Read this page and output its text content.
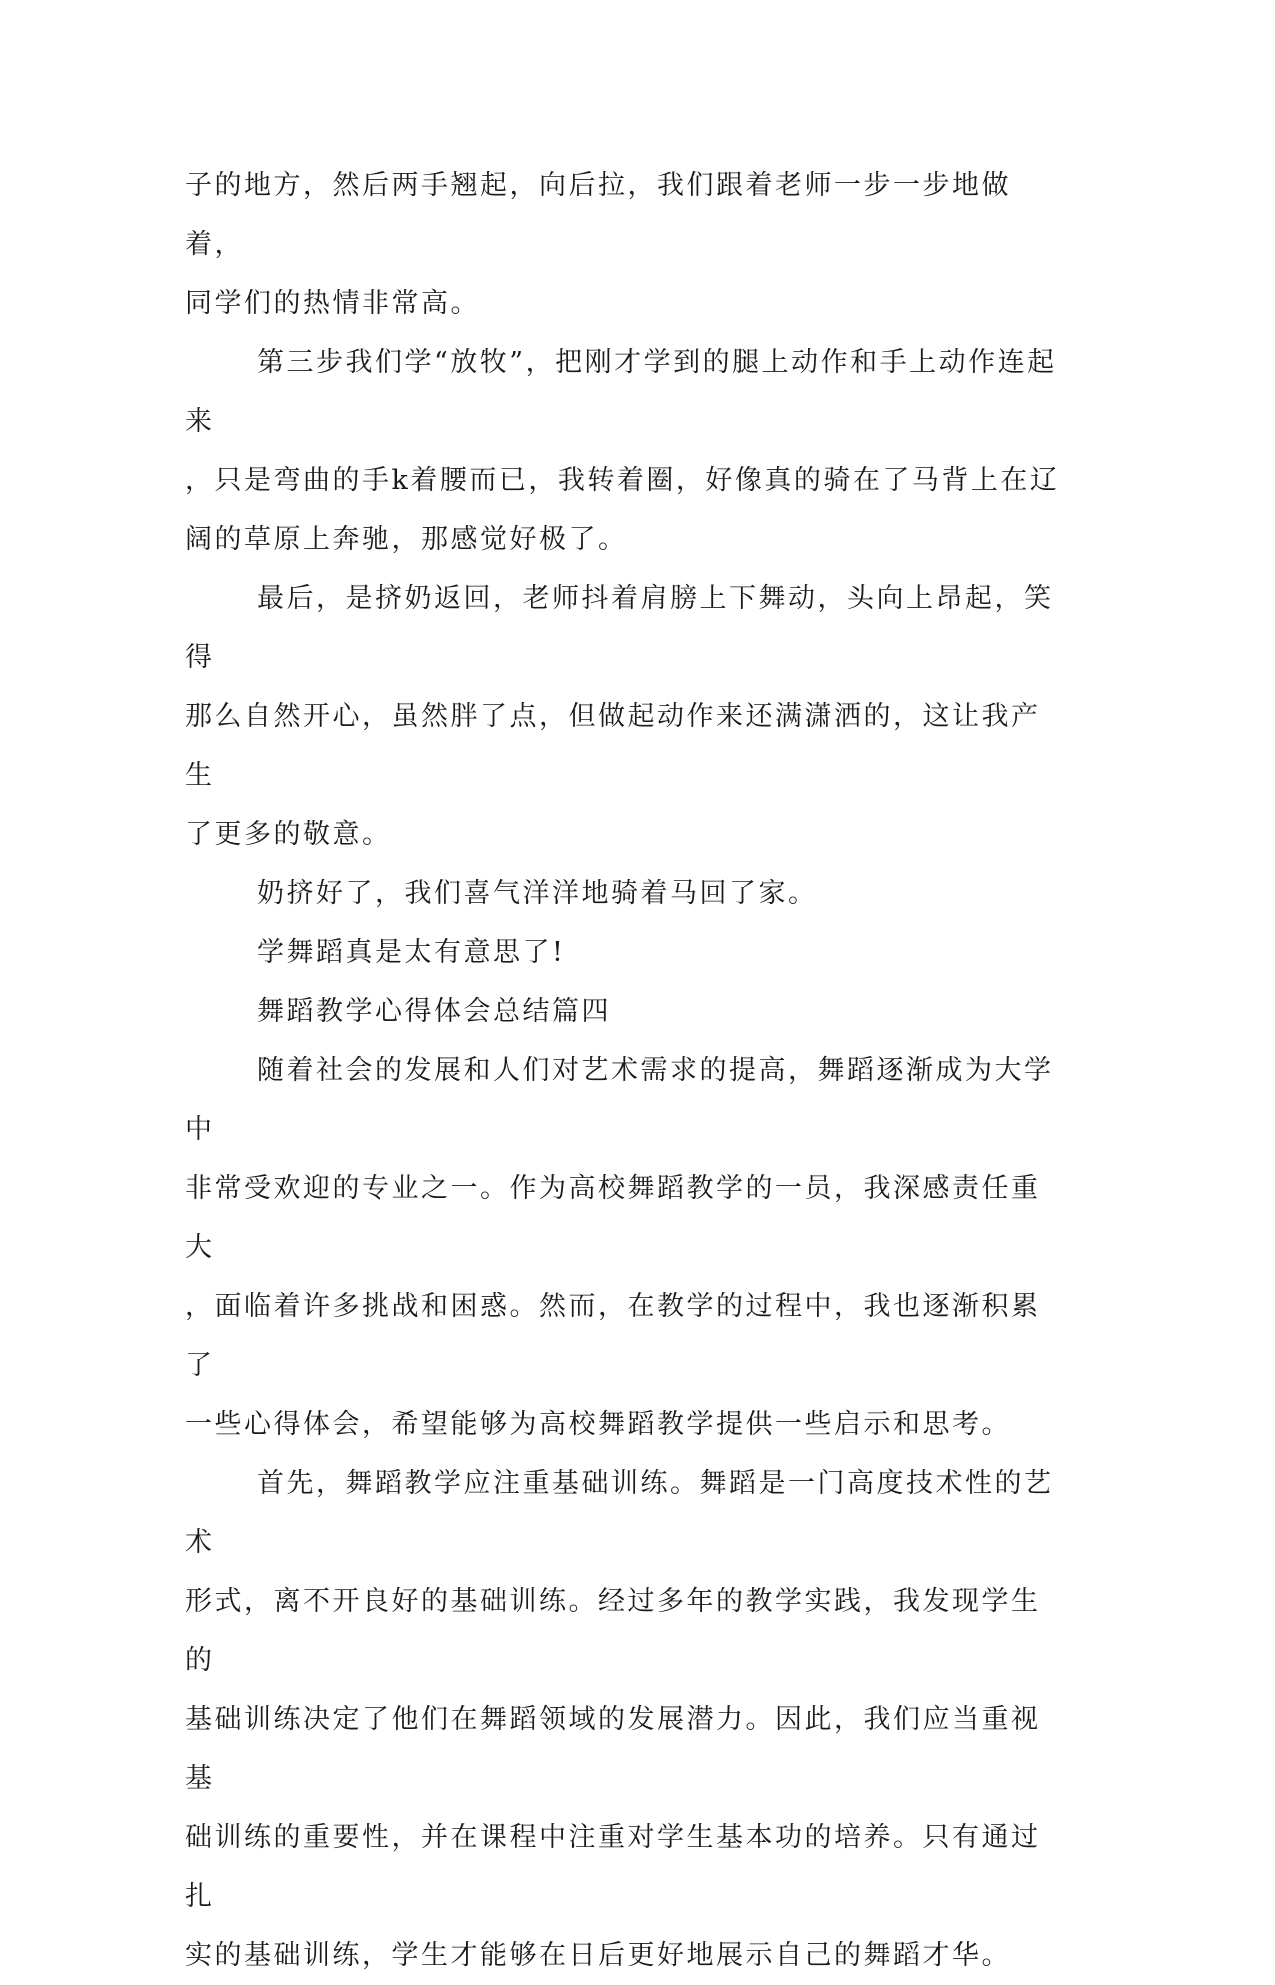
子的地方，然后两手翘起，向后拉，我们跟着老师一步一步地做着，
同学们的热情非常高。

第三步我们学“放牧”，把刚才学到的腿上动作和手上动作连起来
，只是弯曲的手k着腰而已，我转着圈，好像真的骑在了马背上在辽
阔的草原上奔驰，那感觉好极了。

最后，是挤奶返回，老师抖着肩膀上下舞动，头向上昂起，笑得
那么自然开心，虽然胖了点，但做起动作来还满潇洒的，这让我产生
了更多的敬意。

奶挤好了，我们喜气洋洋地骑着马回了家。

学舞蹈真是太有意思了!

舞蹈教学心得体会总结篇四

随着社会的发展和人们对艺术需求的提高，舞蹈逐渐成为大学中
非常受欢迎的专业之一。作为高校舞蹈教学的一员，我深感责任重大
，面临着许多挑战和困惑。然而，在教学的过程中，我也逐渐积累了
一些心得体会，希望能够为高校舞蹈教学提供一些启示和思考。

首先，舞蹈教学应注重基础训练。舞蹈是一门高度技术性的艺术
形式，离不开良好的基础训练。经过多年的教学实践，我发现学生的
基础训练决定了他们在舞蹈领域的发展潜力。因此，我们应当重视基
础训练的重要性，并在课程中注重对学生基本功的培养。只有通过扎
实的基础训练，学生才能够在日后更好地展示自己的舞蹈才华。
